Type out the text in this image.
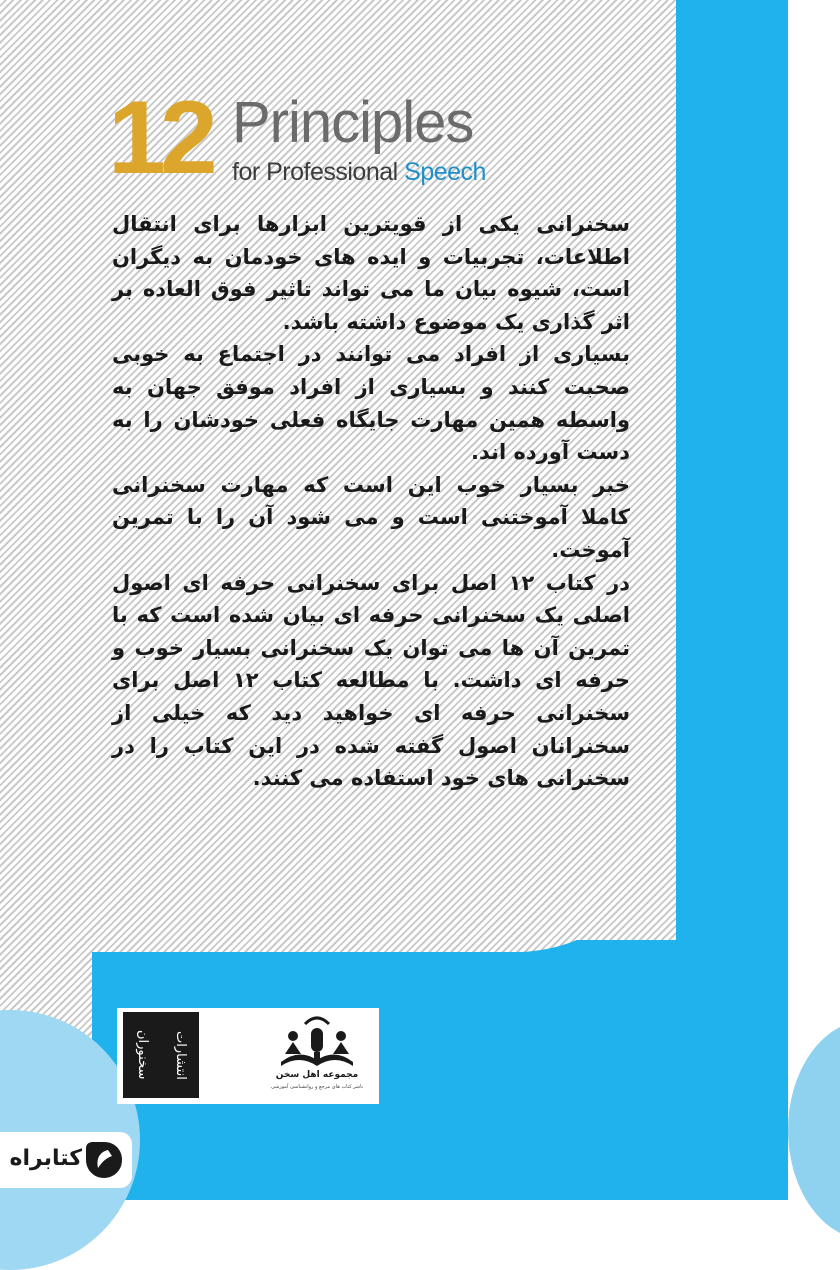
12 Principles
for Professional Speech

سخنرانی یکی از قویترین ابزارها برای انتقال اطلاعات، تجربیات و ایده های خودمان به دیگران است، شیوه بیان ما می تواند تاثیر فوق العاده بر اثر گذاری یک موضوع داشته باشد.

بسیاری از افراد می توانند در اجتماع به خوبی صحبت کنند و بسیاری از افراد موفق جهان به واسطه همین مهارت جایگاه فعلی خودشان را به دست آورده اند.

خبر بسیار خوب این است که مهارت سخنرانی کاملا آموختنی است و می شود آن را با تمرین آموخت.

در کتاب ۱۲ اصل برای سخنرانی حرفه ای اصول اصلی یک سخنرانی حرفه ای بیان شده است که با تمرین آن ها می توان یک سخنرانی بسیار خوب و حرفه ای داشت. با مطالعه کتاب ۱۲ اصل برای سخنرانی حرفه ای خواهید دید که خیلی از سخنرانان اصول گفته شده در این کتاب را در سخنرانی های خود استفاده می کنند.

انتشارات سخنوران	مجموعه اهل سخن
ناشر کتاب های مرجع و روانشناسی آموزشی
کتابراه
